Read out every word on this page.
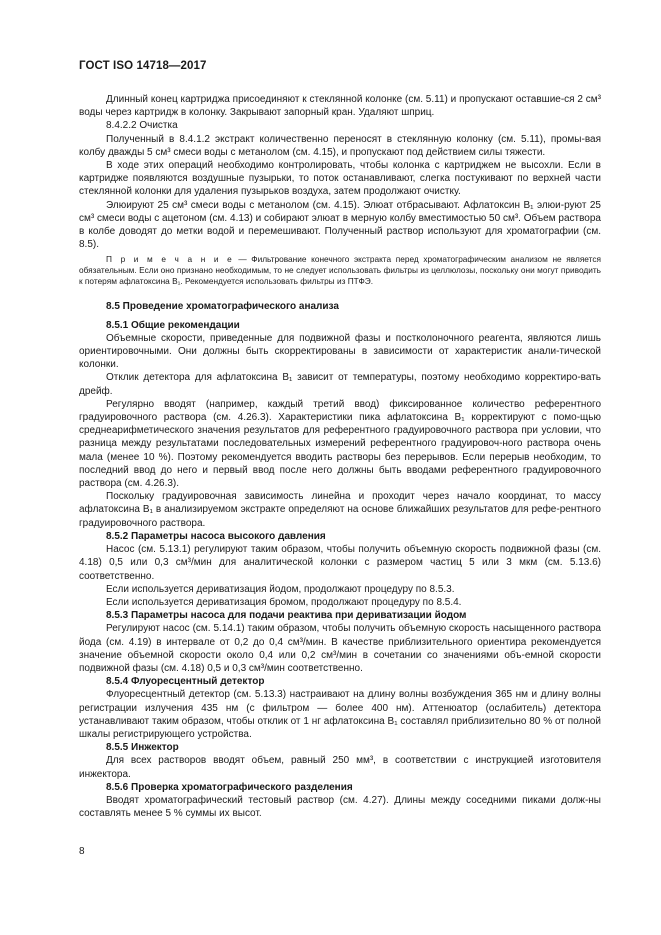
ГОСТ ISO 14718—2017

Длинный конец картриджа присоединяют к стеклянной колонке (см. 5.11) и пропускают оставшие-ся 2 см³ воды через картридж в колонку. Закрывают запорный кран. Удаляют шприц.

8.4.2.2 Очистка

Полученный в 8.4.1.2 экстракт количественно переносят в стеклянную колонку (см. 5.11), промы-вая колбу дважды 5 см³ смеси воды с метанолом (см. 4.15), и пропускают под действием силы тяжести.

В ходе этих операций необходимо контролировать, чтобы колонка с картриджем не высохли. Если в картридже появляются воздушные пузырьки, то поток останавливают, слегка постукивают по верхней части стеклянной колонки для удаления пузырьков воздуха, затем продолжают очистку.

Элюируют 25 см³ смеси воды с метанолом (см. 4.15). Элюат отбрасывают. Афлатоксин B₁ элюи-руют 25 см³ смеси воды с ацетоном (см. 4.13) и собирают элюат в мерную колбу вместимостью 50 см³. Объем раствора в колбе доводят до метки водой и перемешивают. Полученный раствор используют для хроматографии (см. 8.5).

П р и м е ч а н и е — Фильтрование конечного экстракта перед хроматографическим анализом не является обязательным. Если оно признано необходимым, то не следует использовать фильтры из целлюлозы, поскольку они могут приводить к потерям афлатоксина B₁. Рекомендуется использовать фильтры из ПТФЭ.

8.5 Проведение хроматографического анализа

8.5.1 Общие рекомендации

Объемные скорости, приведенные для подвижной фазы и постколоночного реагента, являются лишь ориентировочными. Они должны быть скорректированы в зависимости от характеристик анали-тической колонки.

Отклик детектора для афлатоксина B₁ зависит от температуры, поэтому необходимо корректиро-вать дрейф.

Регулярно вводят (например, каждый третий ввод) фиксированное количество референтного градуировочного раствора (см. 4.26.3). Характеристики пика афлатоксина B₁ корректируют с помо-щью среднеарифметического значения результатов для референтного градуировочного раствора при условии, что разница между результатами последовательных измерений референтного градуировоч-ного раствора очень мала (менее 10 %). Поэтому рекомендуется вводить растворы без перерывов. Если перерыв необходим, то последний ввод до него и первый ввод после него должны быть вводами референтного градуировочного раствора (см. 4.26.3).

Поскольку градуировочная зависимость линейна и проходит через начало координат, то массу афлатоксина B₁ в анализируемом экстракте определяют на основе ближайших результатов для рефе-рентного градуировочного раствора.

8.5.2 Параметры насоса высокого давления

Насос (см. 5.13.1) регулируют таким образом, чтобы получить объемную скорость подвижной фазы (см. 4.18) 0,5 или 0,3 см³/мин для аналитической колонки с размером частиц 5 или 3 мкм (см. 5.13.6) соответственно.

Если используется дериватизация йодом, продолжают процедуру по 8.5.3.

Если используется дериватизация бромом, продолжают процедуру по 8.5.4.

8.5.3 Параметры насоса для подачи реактива при дериватизации йодом

Регулируют насос (см. 5.14.1) таким образом, чтобы получить объемную скорость насыщенного раствора йода (см. 4.19) в интервале от 0,2 до 0,4 см³/мин. В качестве приблизительного ориентира рекомендуется значение объемной скорости около 0,4 или 0,2 см³/мин в сочетании со значениями объ-емной скорости подвижной фазы (см. 4.18) 0,5 и 0,3 см³/мин соответственно.

8.5.4 Флуоресцентный детектор

Флуоресцентный детектор (см. 5.13.3) настраивают на длину волны возбуждения 365 нм и длину волны регистрации излучения 435 нм (с фильтром — более 400 нм). Аттенюатор (ослабитель) детектора устанавливают таким образом, чтобы отклик от 1 нг афлатоксина B₁ составлял приблизительно 80 % от полной шкалы регистрирующего устройства.

8.5.5 Инжектор

Для всех растворов вводят объем, равный 250 мм³, в соответствии с инструкцией изготовителя инжектора.

8.5.6 Проверка хроматографического разделения

Вводят хроматографический тестовый раствор (см. 4.27). Длины между соседними пиками долж-ны составлять менее 5 % суммы их высот.

8
